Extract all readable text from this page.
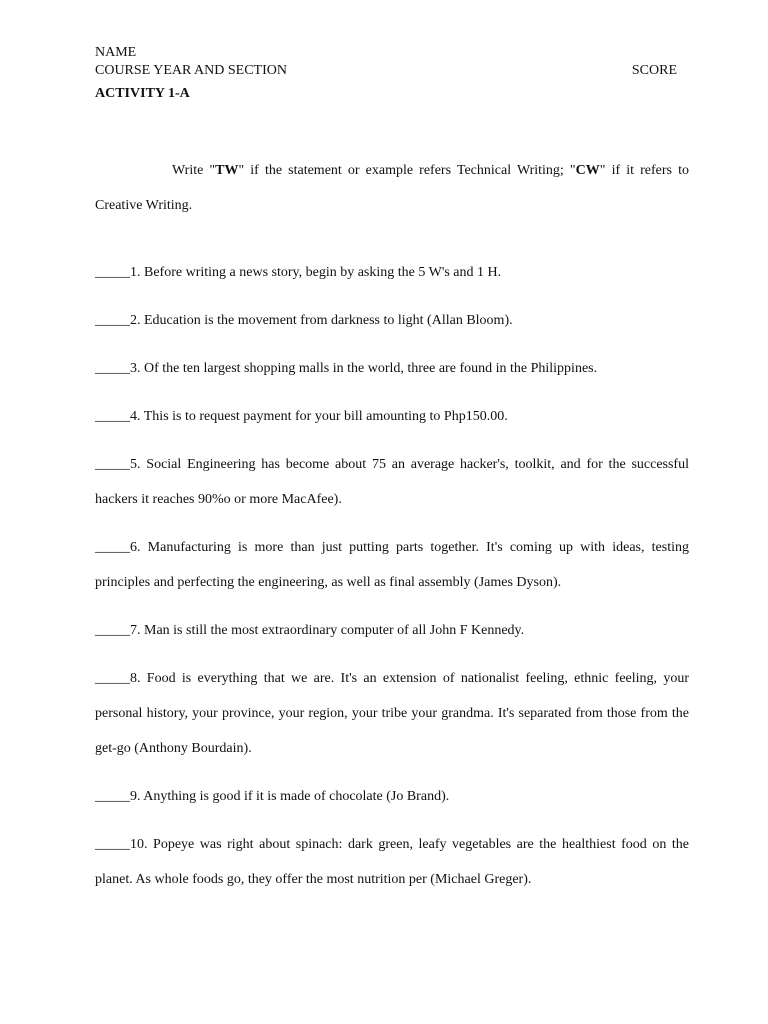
NAME
COURSE YEAR AND SECTION	SCORE
ACTIVITY 1-A
Write "TW" if the statement or example refers Technical Writing; "CW" if it refers to Creative Writing.
_____1. Before writing a news story, begin by asking the 5 W's and 1 H.
_____2. Education is the movement from darkness to light (Allan Bloom).
_____3. Of the ten largest shopping malls in the world, three are found in the Philippines.
_____4. This is to request payment for your bill amounting to Php150.00.
_____5. Social Engineering has become about 75 an average hacker's, toolkit, and for the successful hackers it reaches 90%o or more MacAfee).
_____6. Manufacturing is more than just putting parts together. It's coming up with ideas, testing principles and perfecting the engineering, as well as final assembly (James Dyson).
_____7. Man is still the most extraordinary computer of all John F Kennedy.
_____8. Food is everything that we are. It's an extension of nationalist feeling, ethnic feeling, your personal history, your province, your region, your tribe your grandma. It's separated from those from the get-go (Anthony Bourdain).
_____9. Anything is good if it is made of chocolate (Jo Brand).
_____10. Popeye was right about spinach: dark green, leafy vegetables are the healthiest food on the planet. As whole foods go, they offer the most nutrition per (Michael Greger).
